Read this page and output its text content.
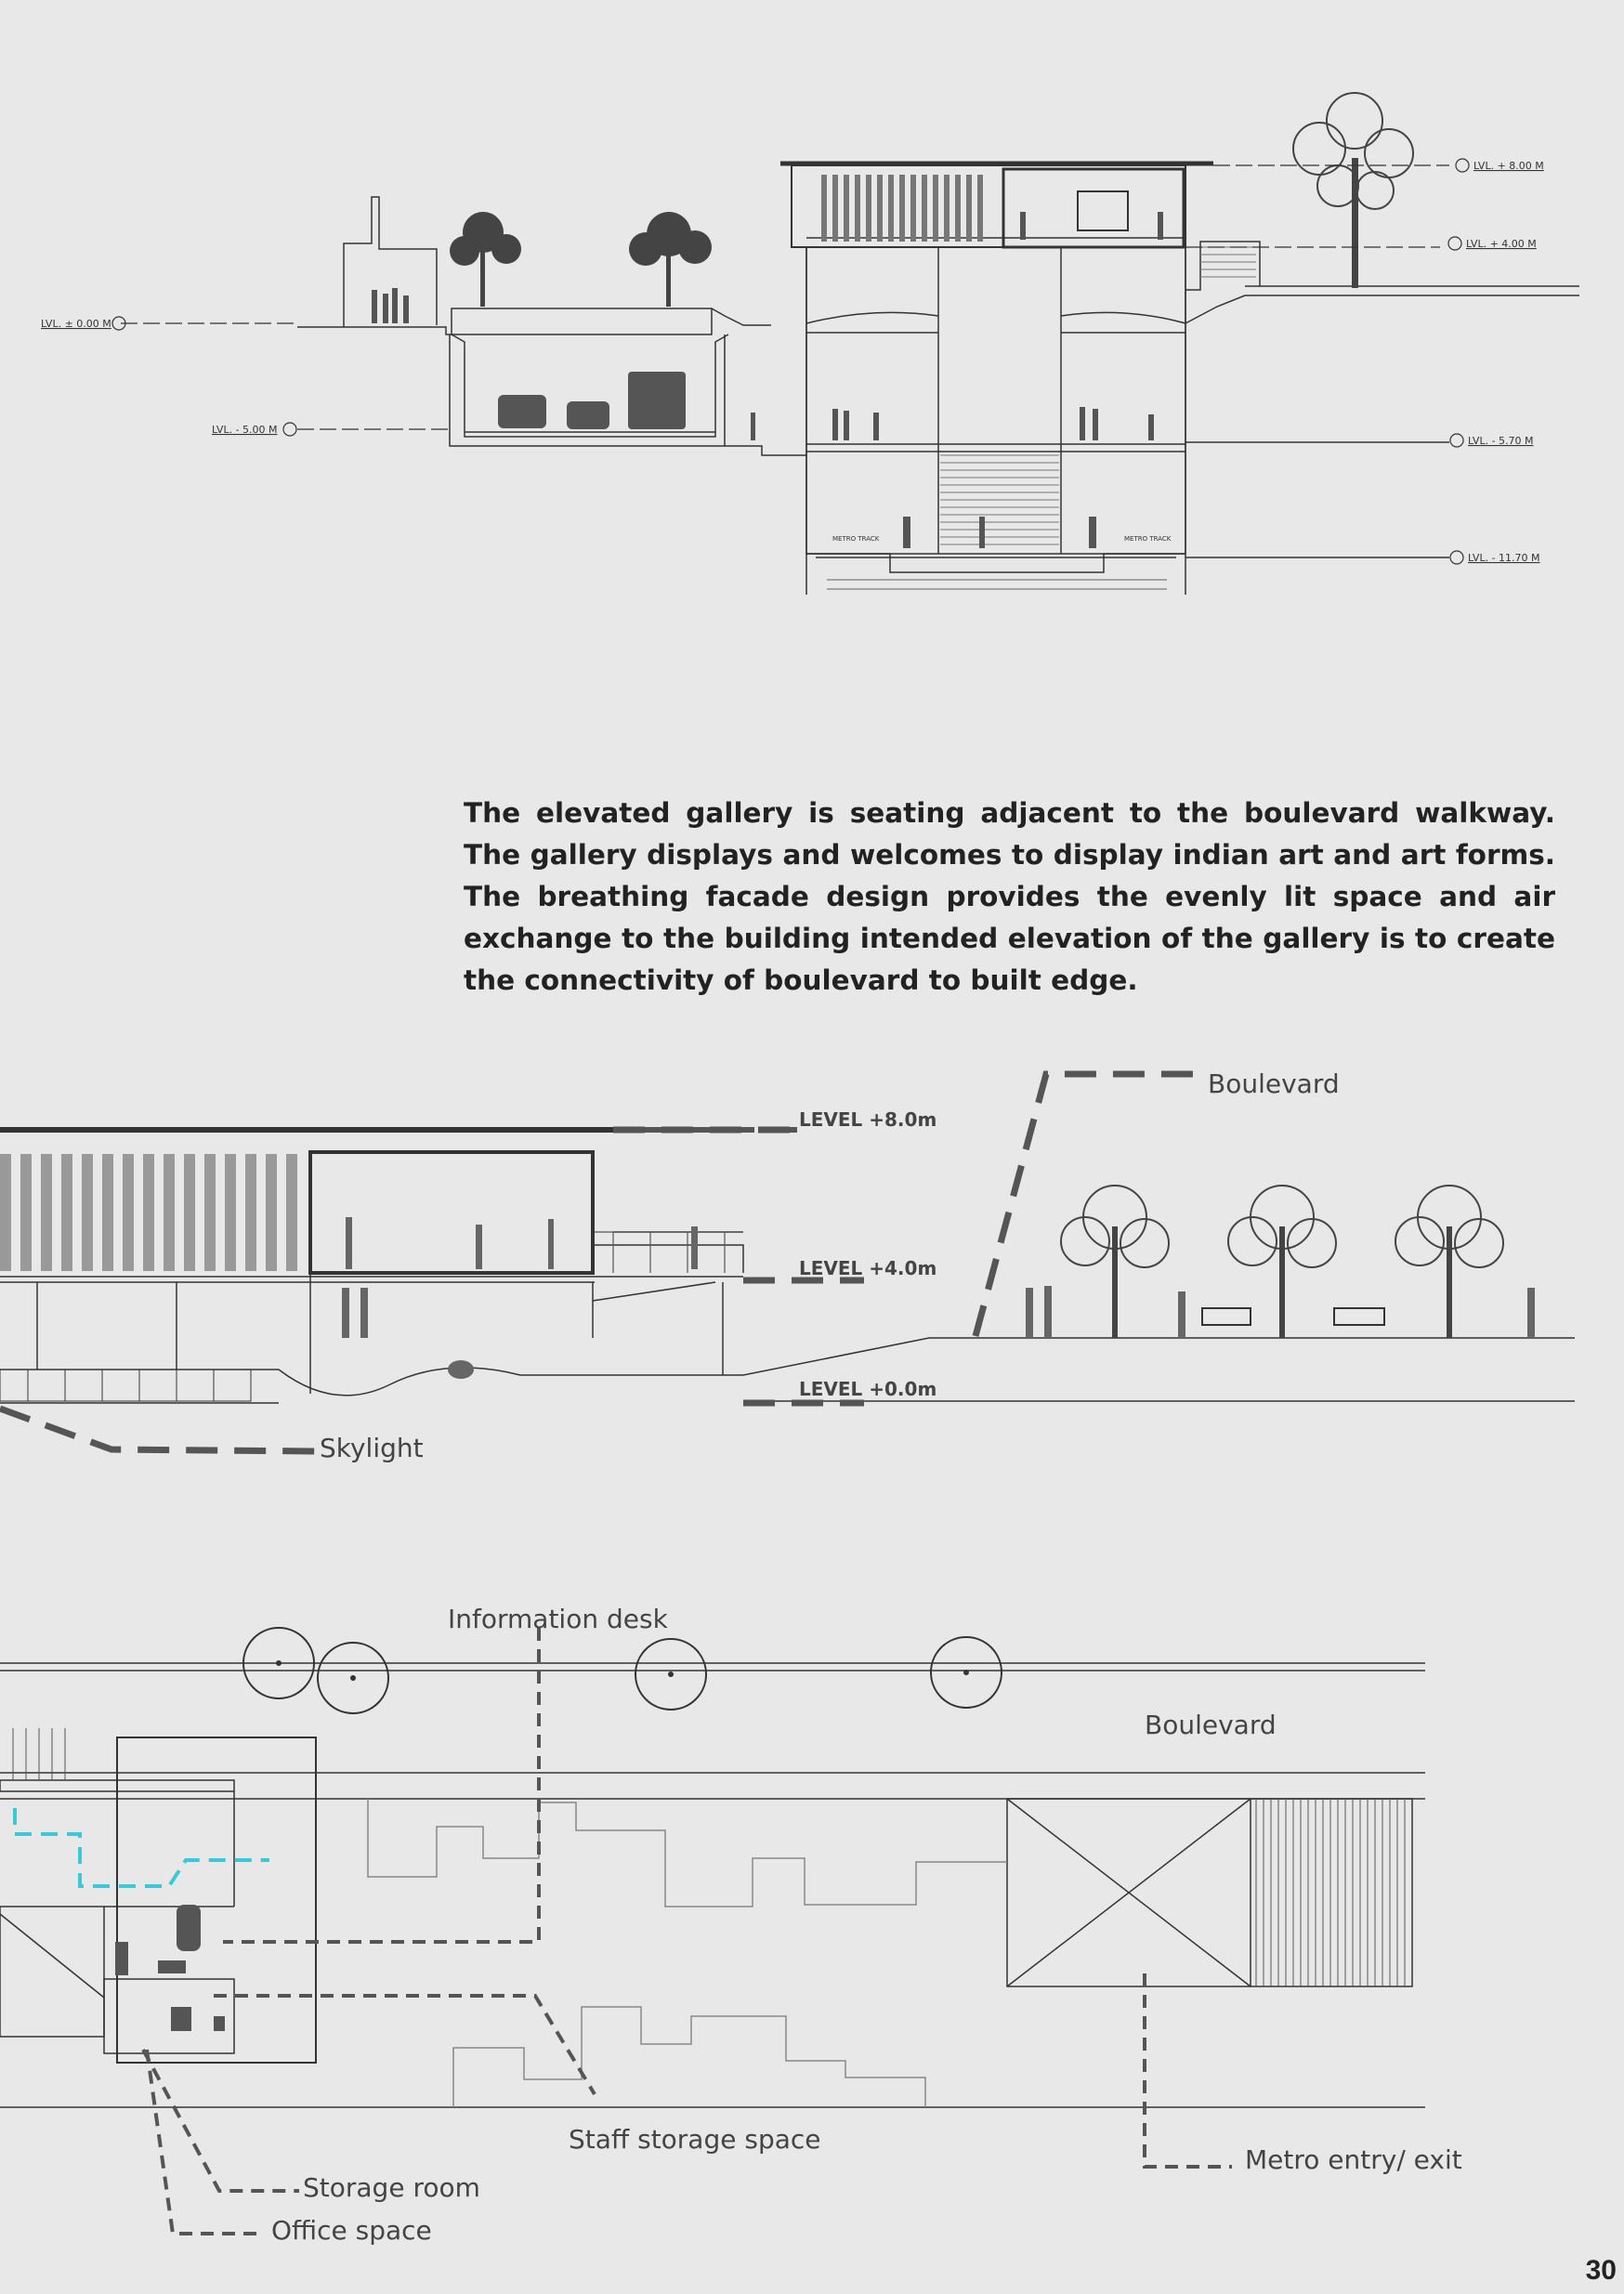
LVL. + 8.00 M
LVL. + 4.00 M
LVL. ± 0.00 M
LVL. - 5.00 M
LVL. - 5.70 M
LVL. - 11.70 M
METRO TRACK	METRO TRACK

The elevated gallery is seating adjacent to the boulevard walkway. The gallery displays and welcomes to display indian art and art forms. The breathing facade design provides the evenly lit space and air exchange to the building intended elevation of the gallery is to create the connectivity of boulevard to built edge.

LEVEL +8.0m
LEVEL +4.0m
LEVEL +0.0m
Boulevard
Skylight
Information desk
Boulevard
Staff storage space
Metro entry/ exit
Storage room
Office space
30
